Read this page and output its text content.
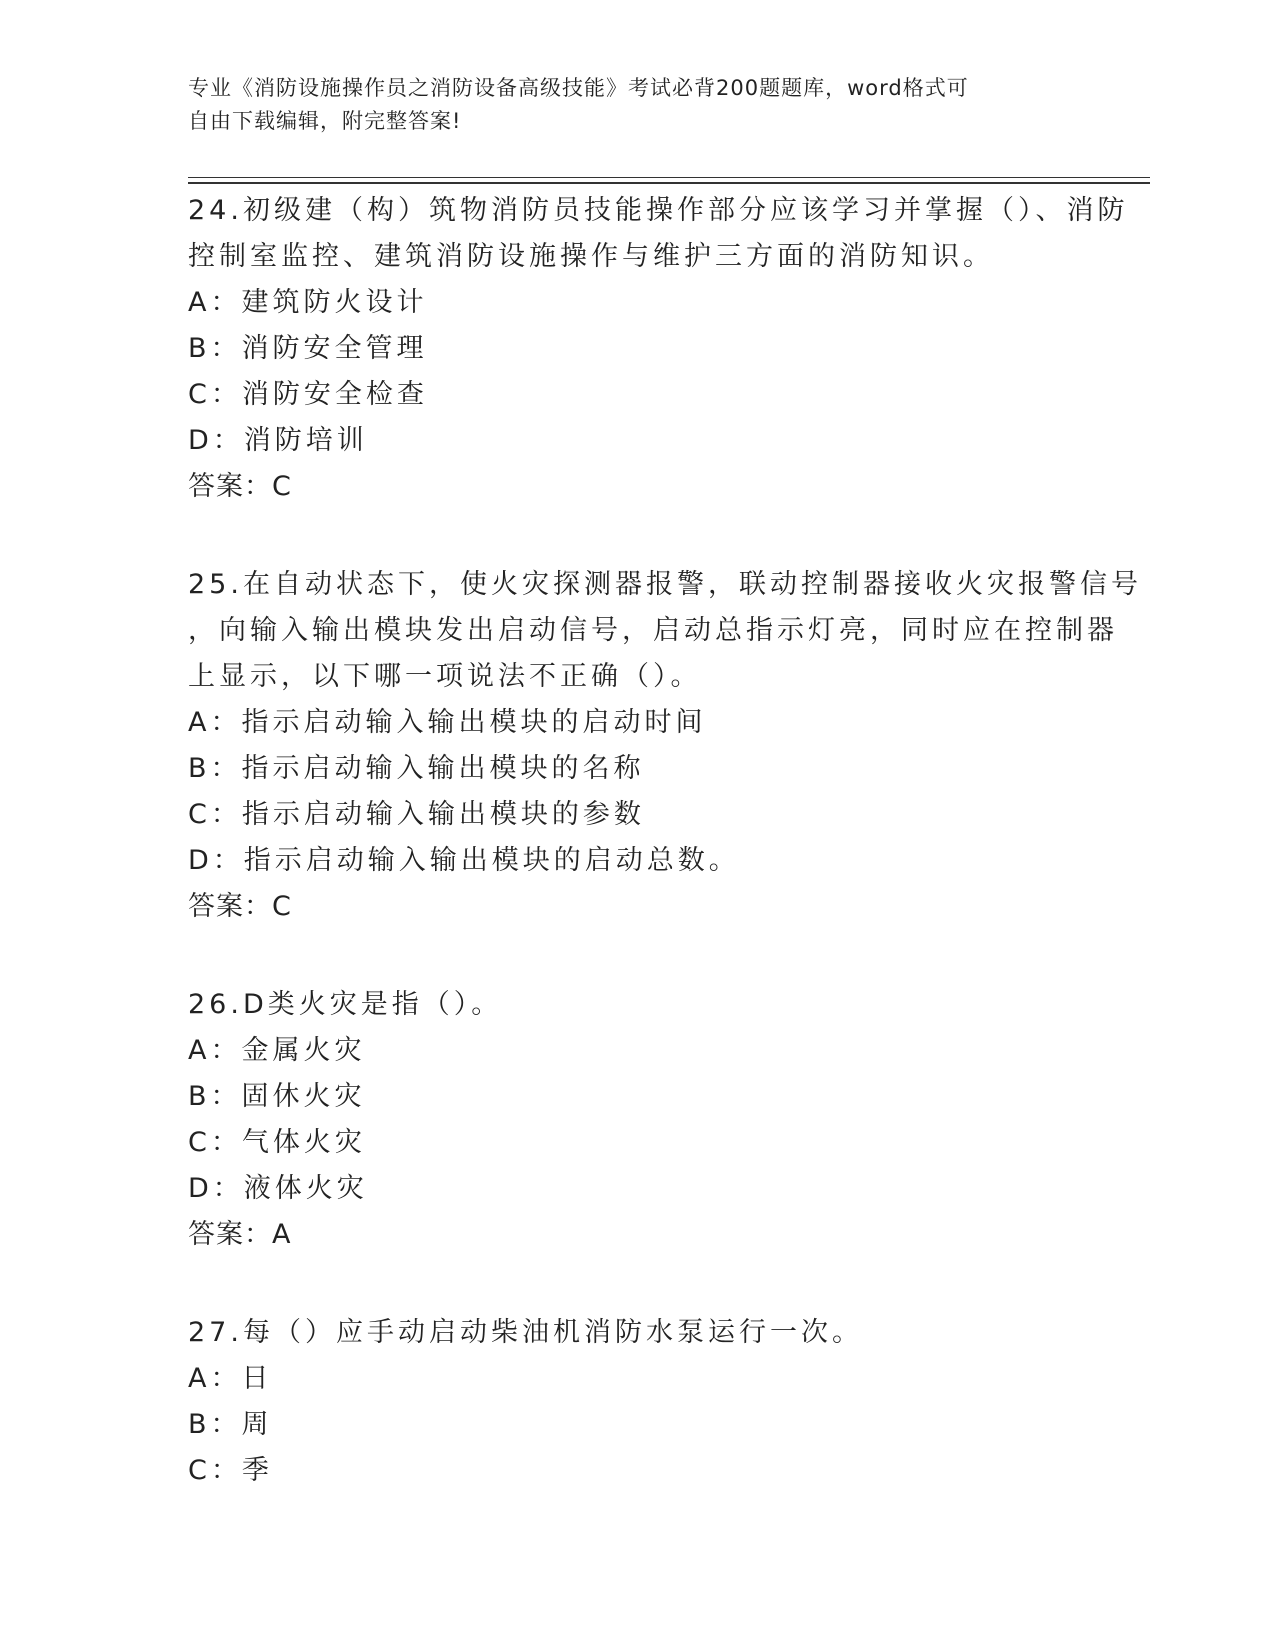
专业《消防设施操作员之消防设备高级技能》考试必背200题题库，word格式可
自由下载编辑，附完整答案!
24.初级建（构）筑物消防员技能操作部分应该学习并掌握（）、消防
控制室监控、建筑消防设施操作与维护三方面的消防知识。
A：建筑防火设计
B：消防安全管理
C：消防安全检查
D：消防培训
答案：C
25.在自动状态下，使火灾探测器报警，联动控制器接收火灾报警信号
，向输入输出模块发出启动信号，启动总指示灯亮，同时应在控制器
上显示，以下哪一项说法不正确（）。
A：指示启动输入输出模块的启动时间
B：指示启动输入输出模块的名称
C：指示启动输入输出模块的参数
D：指示启动输入输出模块的启动总数。
答案：C
26.D类火灾是指（）。
A：金属火灾
B：固休火灾
C：气体火灾
D：液体火灾
答案：A
27.每（）应手动启动柴油机消防水泵运行一次。
A：日
B：周
C：季
